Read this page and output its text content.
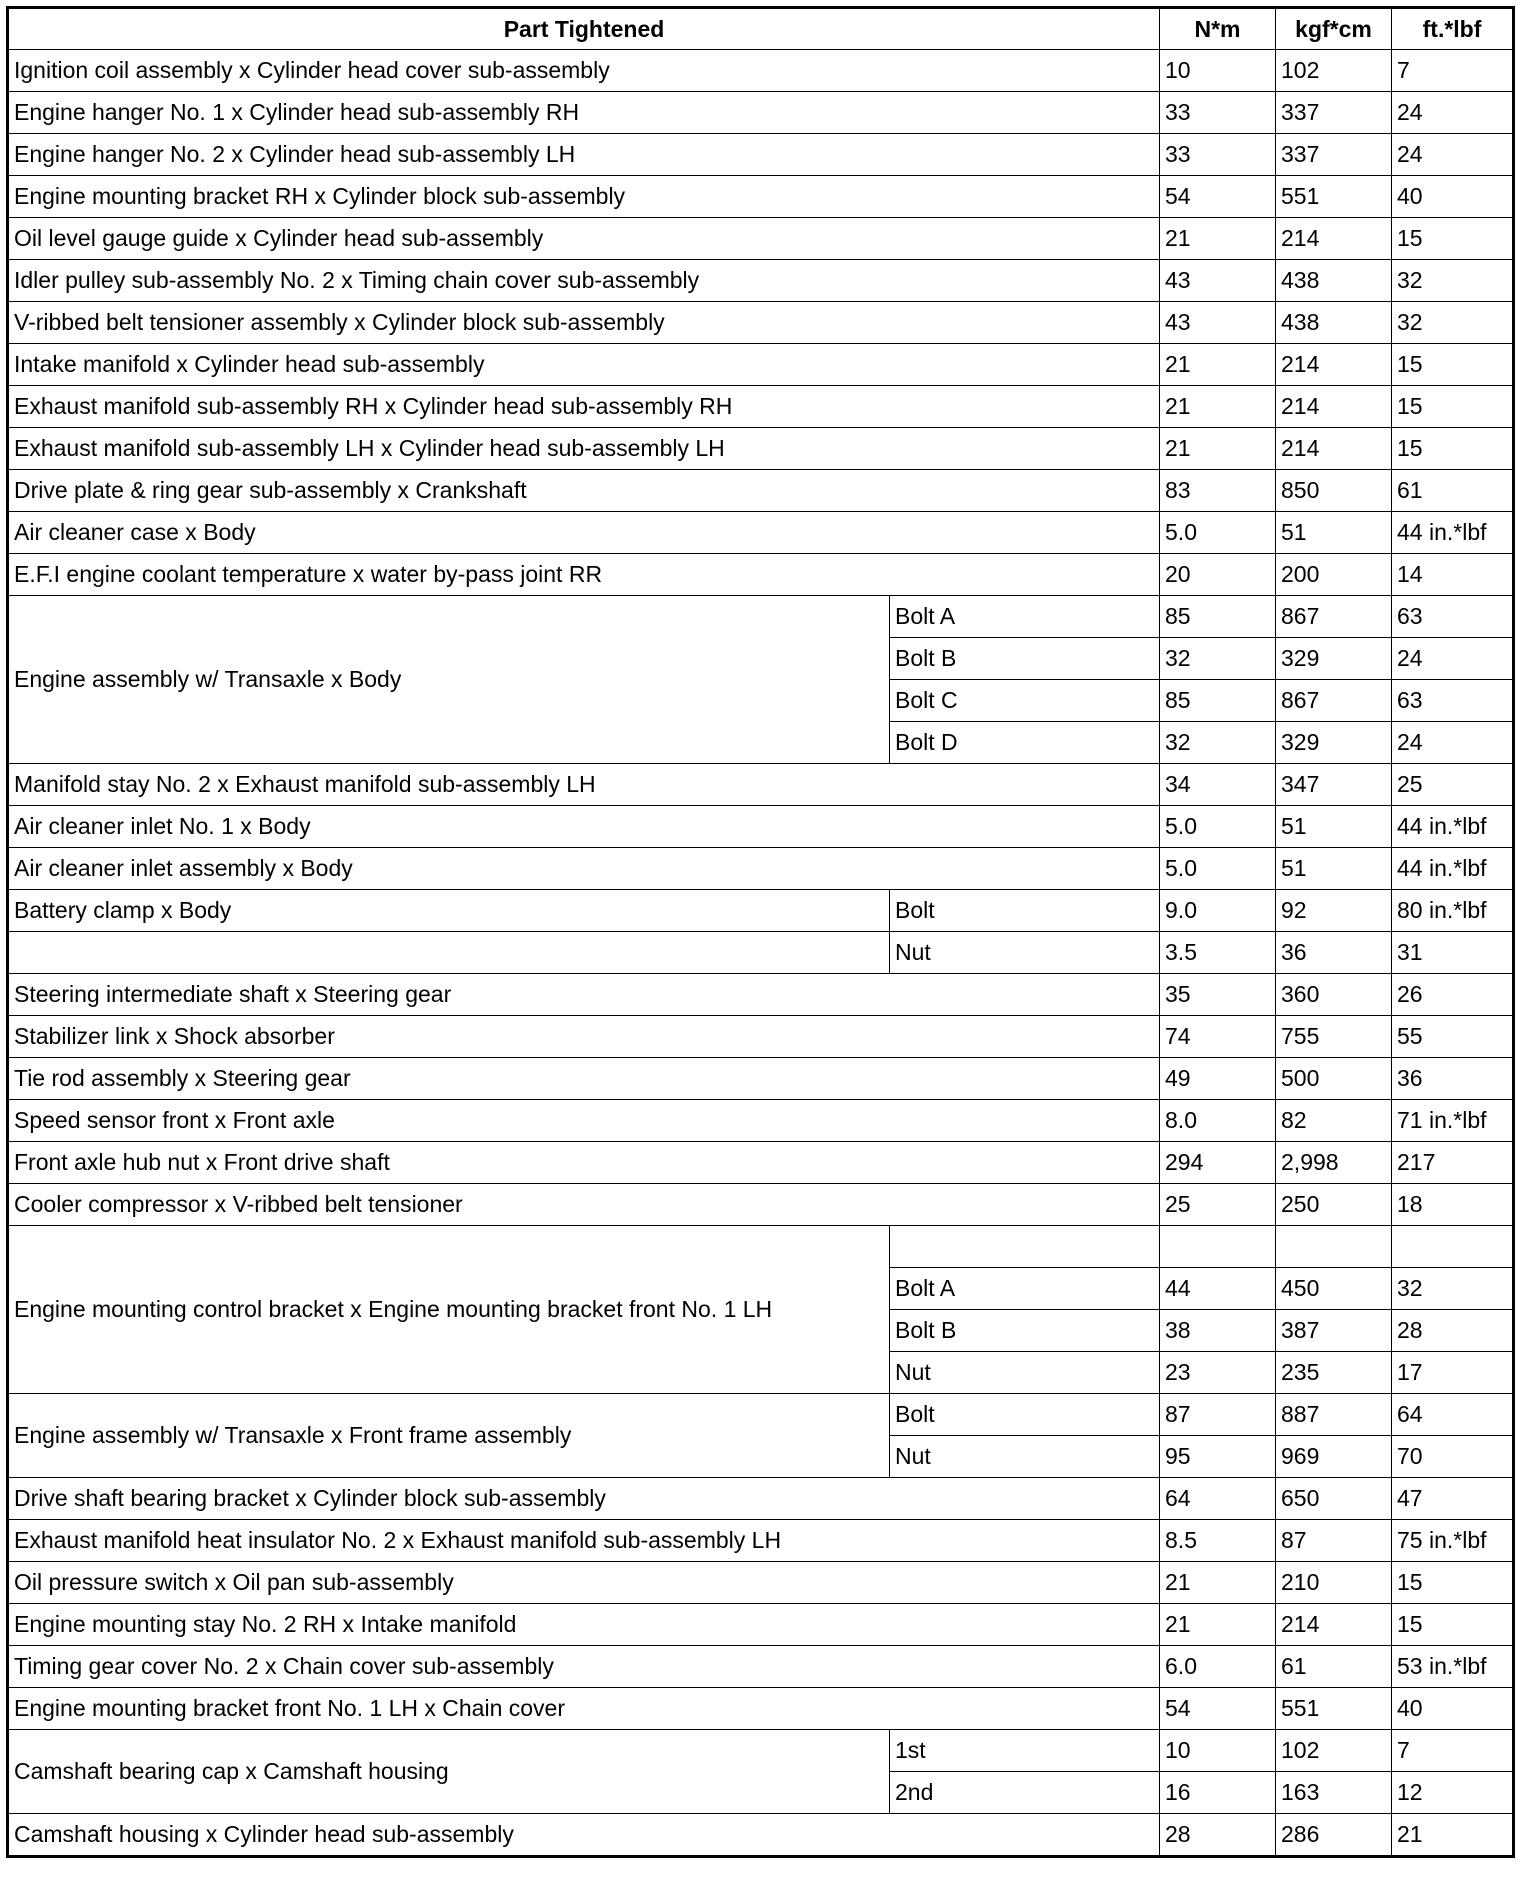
Part Tightened		N*m	kgf*cm	ft.*lbf
Ignition coil assembly x Cylinder head cover sub-assembly		10	102	7
Engine hanger No. 1 x Cylinder head sub-assembly RH		33	337	24
Engine hanger No. 2 x Cylinder head sub-assembly LH		33	337	24
Engine mounting bracket RH x Cylinder block sub-assembly		54	551	40
Oil level gauge guide x Cylinder head sub-assembly		21	214	15
Idler pulley sub-assembly No. 2 x Timing chain cover sub-assembly		43	438	32
V-ribbed belt tensioner assembly x Cylinder block sub-assembly		43	438	32
Intake manifold x Cylinder head sub-assembly		21	214	15
Exhaust manifold sub-assembly RH x Cylinder head sub-assembly RH		21	214	15
Exhaust manifold sub-assembly LH x Cylinder head sub-assembly LH		21	214	15
Drive plate & ring gear sub-assembly x Crankshaft		83	850	61
Air cleaner case x Body		5.0	51	44 in.*lbf
E.F.I engine coolant temperature x water by-pass joint RR		20	200	14
Engine assembly w/ Transaxle x Body	Bolt A	85	867	63
	Bolt B	32	329	24
	Bolt C	85	867	63
	Bolt D	32	329	24
Manifold stay No. 2 x Exhaust manifold sub-assembly LH		34	347	25
Air cleaner inlet No. 1 x Body		5.0	51	44 in.*lbf
Air cleaner inlet assembly x Body		5.0	51	44 in.*lbf
Battery clamp x Body	Bolt	9.0	92	80 in.*lbf
	Nut	3.5	36	31
Steering intermediate shaft x Steering gear		35	360	26
Stabilizer link x Shock absorber		74	755	55
Tie rod assembly x Steering gear		49	500	36
Speed sensor front x Front axle		8.0	82	71 in.*lbf
Front axle hub nut x Front drive shaft		294	2,998	217
Cooler compressor x V-ribbed belt tensioner		25	250	18
Engine mounting control bracket x Engine mounting bracket front No. 1 LH				
	Bolt A	44	450	32
	Bolt B	38	387	28
	Nut	23	235	17
Engine assembly w/ Transaxle x Front frame assembly	Bolt	87	887	64
	Nut	95	969	70
Drive shaft bearing bracket x Cylinder block sub-assembly		64	650	47
Exhaust manifold heat insulator No. 2 x Exhaust manifold sub-assembly LH		8.5	87	75 in.*lbf
Oil pressure switch x Oil pan sub-assembly		21	210	15
Engine mounting stay No. 2 RH x Intake manifold		21	214	15
Timing gear cover No. 2 x Chain cover sub-assembly		6.0	61	53 in.*lbf
Engine mounting bracket front No. 1 LH x Chain cover		54	551	40
Camshaft bearing cap x Camshaft housing	1st	10	102	7
	2nd	16	163	12
Camshaft housing x Cylinder head sub-assembly		28	286	21
